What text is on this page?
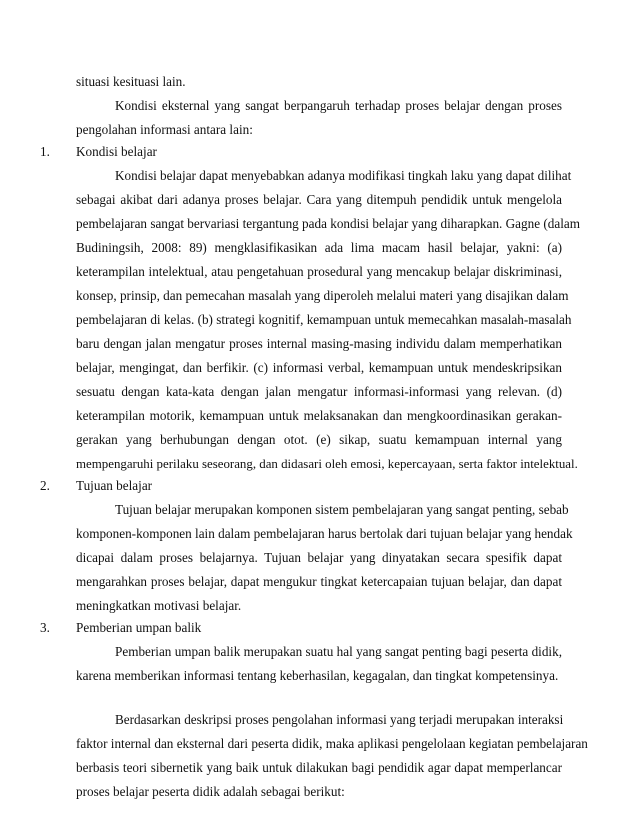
situasi kesituasi lain.
Kondisi eksternal yang sangat berpangaruh terhadap proses belajar dengan proses
pengolahan informasi antara lain:
1. Kondisi belajar
Kondisi belajar dapat menyebabkan adanya modifikasi tingkah laku yang dapat dilihat
sebagai akibat dari adanya proses belajar. Cara yang ditempuh pendidik untuk mengelola
pembelajaran sangat bervariasi tergantung pada kondisi belajar yang diharapkan. Gagne (dalam
Budiningsih, 2008: 89) mengklasifikasikan ada lima macam hasil belajar, yakni: (a)
keterampilan intelektual, atau pengetahuan prosedural yang mencakup belajar diskriminasi,
konsep, prinsip, dan pemecahan masalah yang diperoleh melalui materi yang disajikan dalam
pembelajaran di kelas. (b) strategi kognitif, kemampuan untuk memecahkan masalah-masalah
baru dengan jalan mengatur proses internal masing-masing individu dalam memperhatikan
belajar, mengingat, dan berfikir. (c) informasi verbal, kemampuan untuk mendeskripsikan
sesuatu dengan kata-kata dengan jalan mengatur informasi-informasi yang relevan. (d)
keterampilan motorik, kemampuan untuk melaksanakan dan mengkoordinasikan gerakan-
gerakan yang berhubungan dengan otot. (e) sikap, suatu kemampuan internal yang
mempengaruhi perilaku seseorang, dan didasari oleh emosi, kepercayaan, serta faktor intelektual.
2. Tujuan belajar
Tujuan belajar merupakan komponen sistem pembelajaran yang sangat penting, sebab
komponen-komponen lain dalam pembelajaran harus bertolak dari tujuan belajar yang hendak
dicapai dalam proses belajarnya. Tujuan belajar yang dinyatakan secara spesifik dapat
mengarahkan proses belajar, dapat mengukur tingkat ketercapaian tujuan belajar, dan dapat
meningkatkan motivasi belajar.
3. Pemberian umpan balik
Pemberian umpan balik merupakan suatu hal yang sangat penting bagi peserta didik,
karena memberikan informasi tentang keberhasilan, kegagalan, dan tingkat kompetensinya.
Berdasarkan deskripsi proses pengolahan informasi yang terjadi merupakan interaksi
faktor internal dan eksternal dari peserta didik, maka aplikasi pengelolaan kegiatan pembelajaran
berbasis teori sibernetik yang baik untuk dilakukan bagi pendidik agar dapat memperlancar
proses belajar peserta didik adalah sebagai berikut:
